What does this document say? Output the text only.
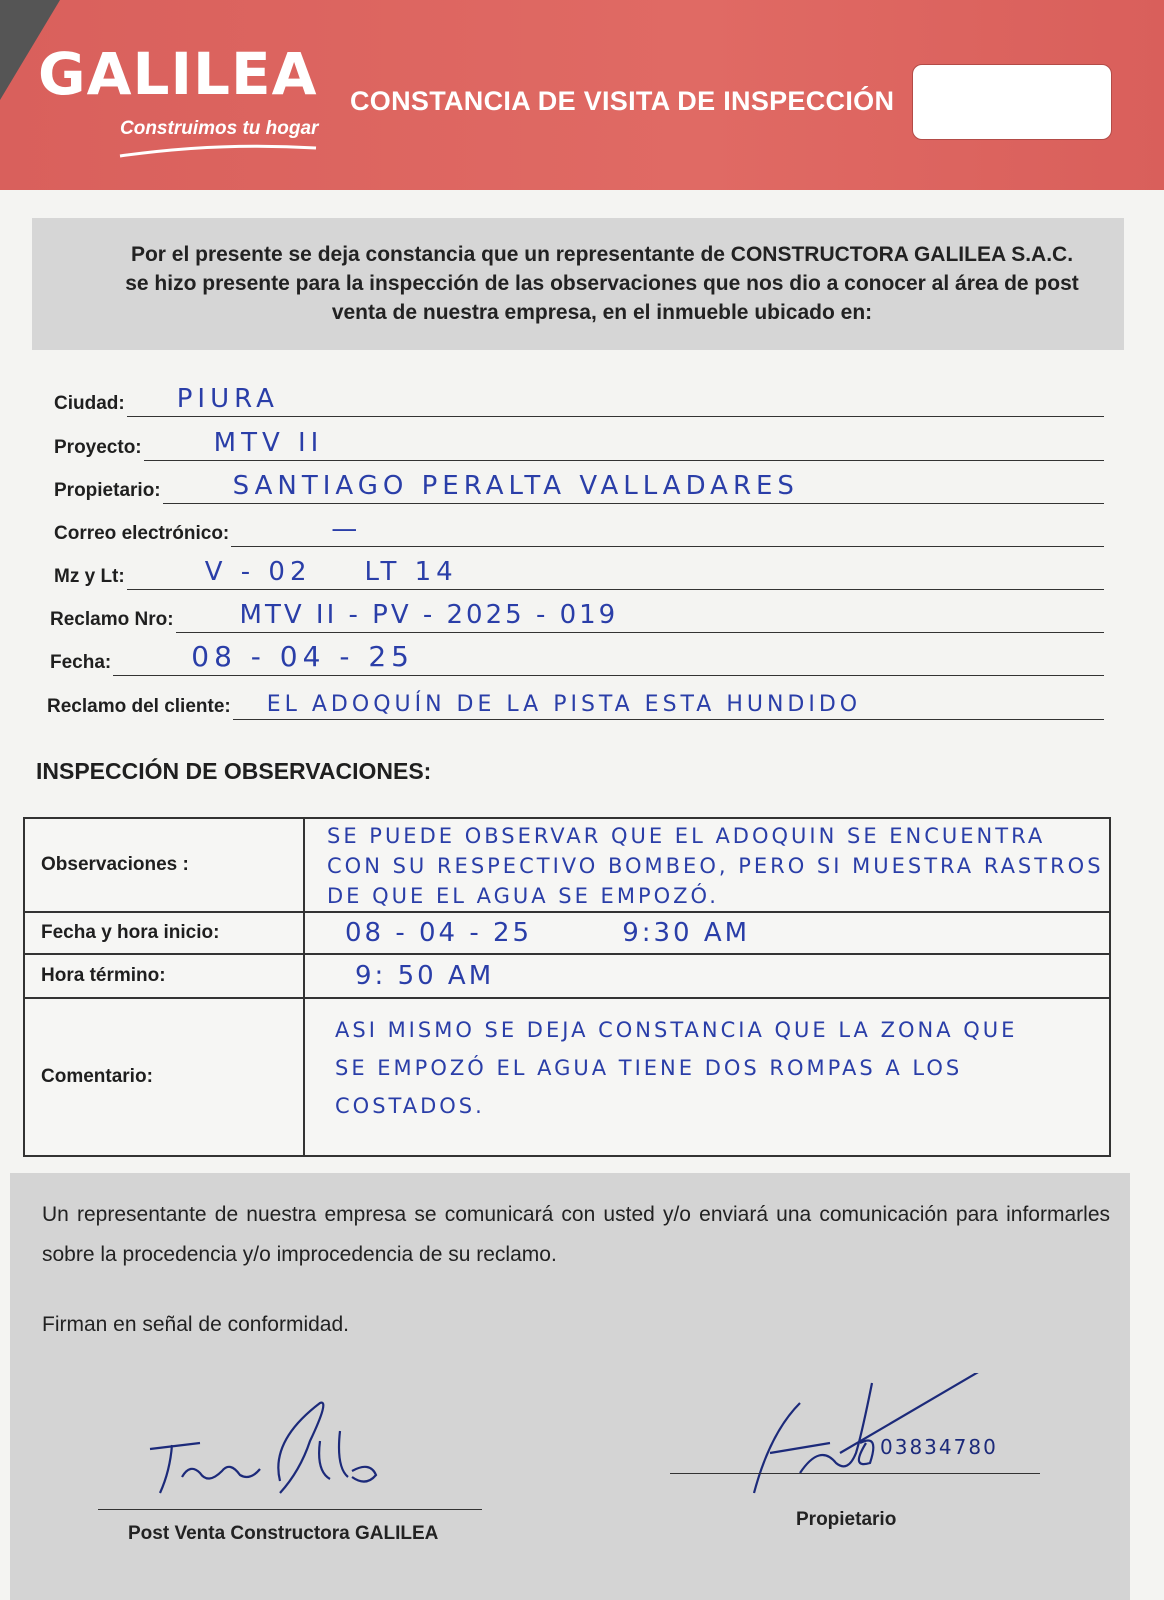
GALILEA
Construimos tu hogar
CONSTANCIA DE VISITA DE INSPECCIÓN
Por el presente se deja constancia que un representante de CONSTRUCTORA GALILEA S.A.C. se hizo presente para la inspección de las observaciones que nos dio a conocer al área de post venta de nuestra empresa, en el inmueble ubicado en:
Ciudad: PIURA
Proyecto:	MTV II
Propietario:	SANTIAGO PERALTA VALLADARES
Correo electrónico:	—
Mz y Lt:	V - 02    LT 14
Reclamo Nro:	MTV II - PV - 2025 - 019
Fecha:	08 - 04 - 25
Reclamo del cliente: EL ADOQUÍN DE LA PISTA ESTA HUNDIDO
INSPECCIÓN DE OBSERVACIONES:
Observaciones :	SE PUEDE OBSERVAR QUE EL ADOQUIN SE ENCUENTRA
CON SU RESPECTIVO BOMBEO, PERO SI MUESTRA RASTROS
DE QUE EL AGUA SE EMPOZÓ.

Fecha y hora inicio:	08 - 04 - 25        9:30 AM

Hora término:	9: 50 AM

Comentario:	ASI MISMO SE DEJA CONSTANCIA QUE LA ZONA QUE
SE EMPOZÓ EL AGUA TIENE DOS ROMPAS A LOS
COSTADOS.
Un representante de nuestra empresa se comunicará con usted y/o enviará una comunicación para informarles sobre la procedencia y/o improcedencia de su reclamo.
Firman en señal de conformidad.
Post Venta Constructora GALILEA
03834780
Propietario
